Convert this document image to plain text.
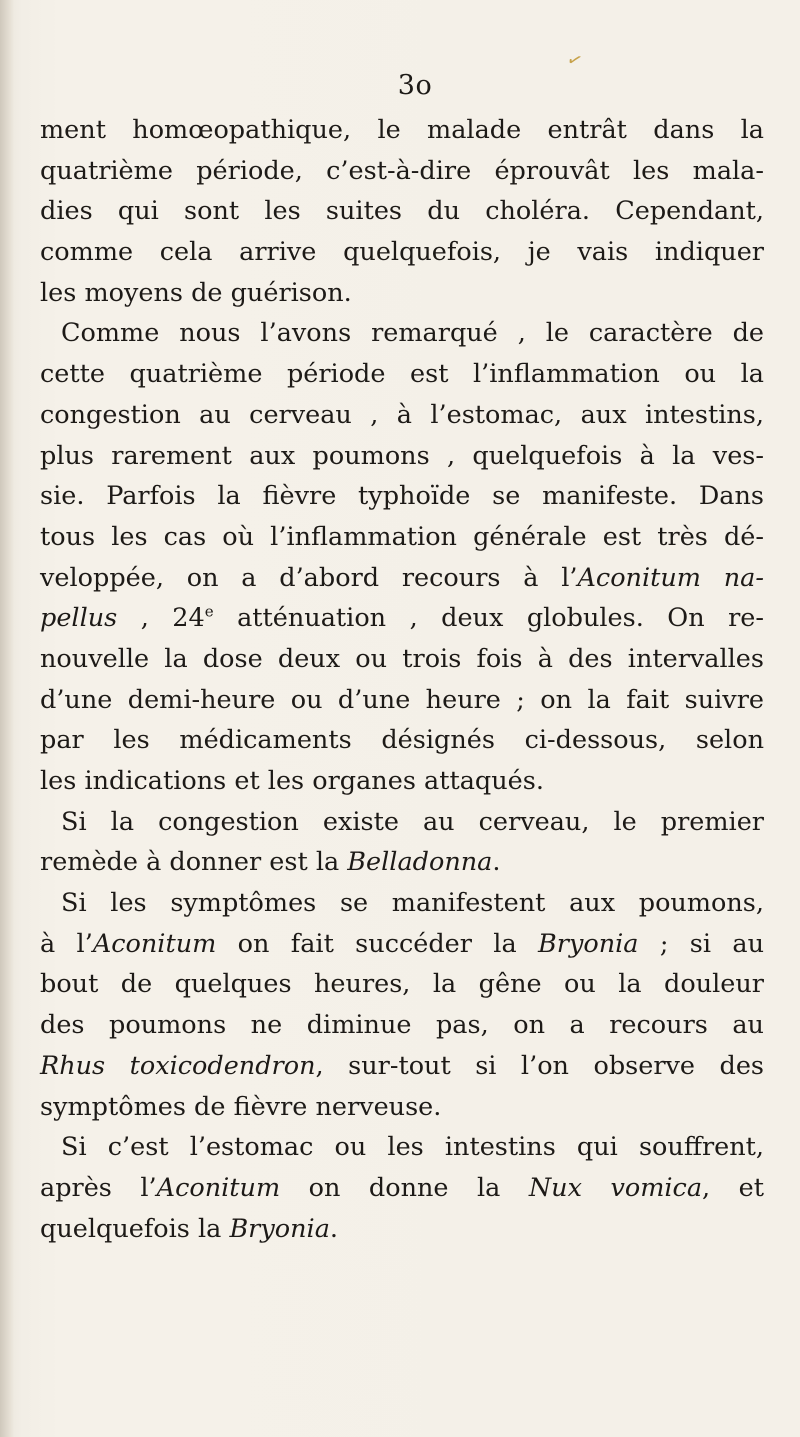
3o
✓
ment homœopathique, le malade entrât dans la
quatrième période, c’est-à-dire éprouvât les mala-
dies qui sont les suites du choléra. Cependant,
comme cela arrive quelquefois, je vais indiquer
les moyens de guérison.
Comme nous l’avons remarqué , le caractère de
cette quatrième période est l’inflammation ou la
congestion au cerveau , à l’estomac, aux intestins,
plus rarement aux poumons , quelquefois à la ves-
sie. Parfois la fièvre typhoïde se manifeste. Dans
tous les cas où l’inflammation générale est très dé-
veloppée, on a d’abord recours à l’Aconitum na-
pellus , 24e atténuation , deux globules. On re-
nouvelle la dose deux ou trois fois à des intervalles
d’une demi-heure ou d’une heure ; on la fait suivre
par les médicaments désignés ci-dessous, selon
les indications et les organes attaqués.
Si la congestion existe au cerveau, le premier
remède à donner est la Belladonna.
Si les symptômes se manifestent aux poumons,
à l’Aconitum on fait succéder la Bryonia ; si au
bout de quelques heures, la gêne ou la douleur
des poumons ne diminue pas, on a recours au
Rhus toxicodendron, sur-tout si l’on observe des
symptômes de fièvre nerveuse.
Si c’est l’estomac ou les intestins qui souffrent,
après l’Aconitum on donne la Nux vomica, et
quelquefois la Bryonia.
